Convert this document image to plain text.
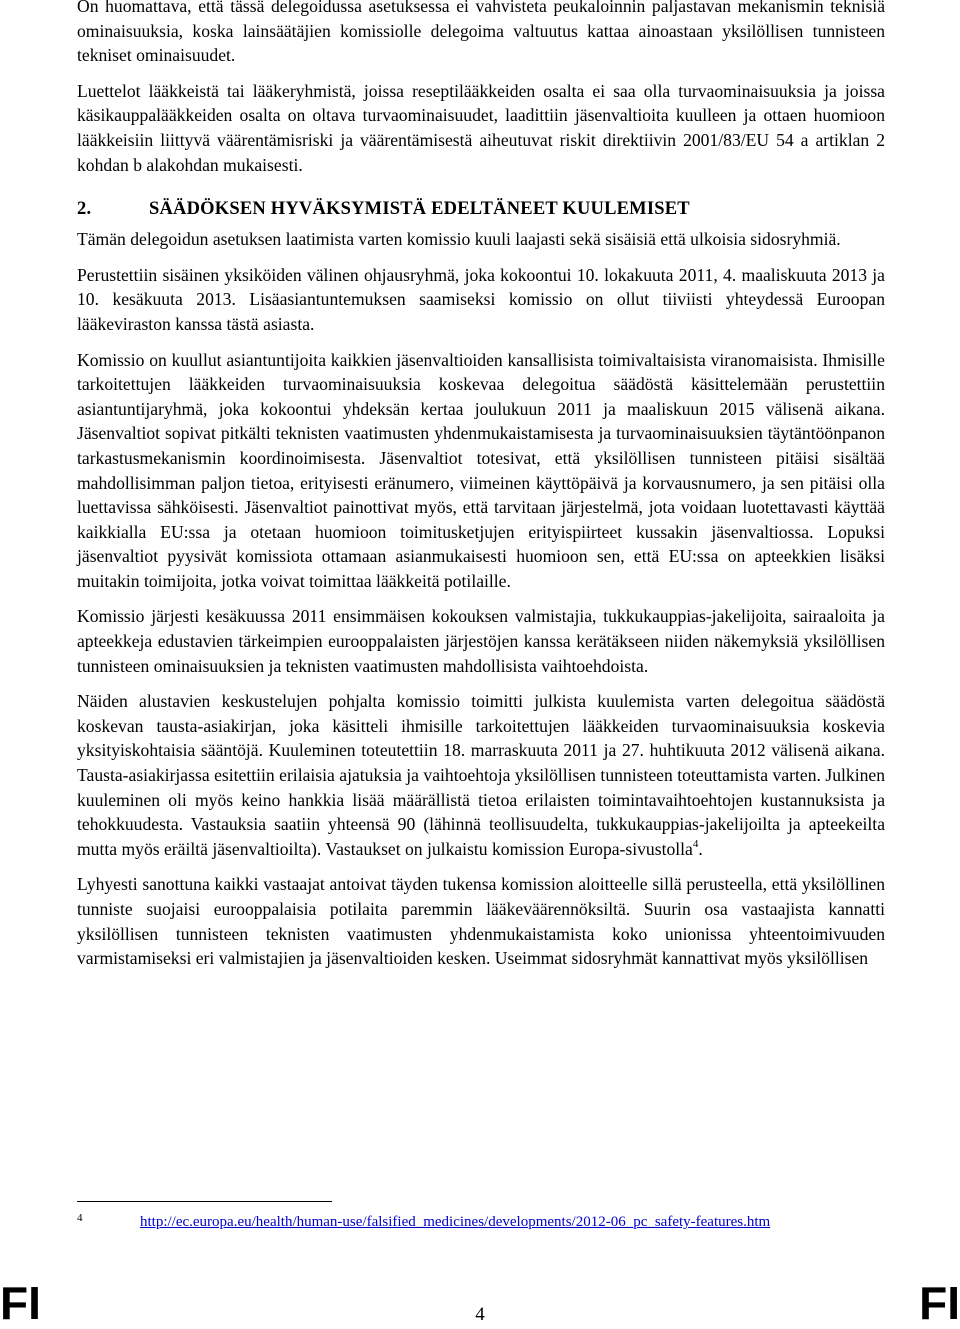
On huomattava, että tässä delegoidussa asetuksessa ei vahvisteta peukaloinnin paljastavan mekanismin teknisiä ominaisuuksia, koska lainsäätäjien komissiolle delegoima valtuutus kattaa ainoastaan yksilöllisen tunnisteen tekniset ominaisuudet.

Luettelot lääkkeistä tai lääkeryhmistä, joissa reseptilääkkeiden osalta ei saa olla turvaominaisuuksia ja joissa käsikauppalääkkeiden osalta on oltava turvaominaisuudet, laadittiin jäsenvaltioita kuulleen ja ottaen huomioon lääkkeisiin liittyvä väärentämisriski ja väärentämisestä aiheutuvat riskit direktiivin 2001/83/EU 54 a artiklan 2 kohdan b alakohdan mukaisesti.

2.	SÄÄDÖKSEN HYVÄKSYMISTÄ EDELTÄNEET KUULEMISET

Tämän delegoidun asetuksen laatimista varten komissio kuuli laajasti sekä sisäisiä että ulkoisia sidosryhmiä.

Perustettiin sisäinen yksiköiden välinen ohjausryhmä, joka kokoontui 10. lokakuuta 2011, 4. maaliskuuta 2013 ja 10. kesäkuuta 2013. Lisäasiantuntemuksen saamiseksi komissio on ollut tiiviisti yhteydessä Euroopan lääkeviraston kanssa tästä asiasta.

Komissio on kuullut asiantuntijoita kaikkien jäsenvaltioiden kansallisista toimivaltaisista viranomaisista. Ihmisille tarkoitettujen lääkkeiden turvaominaisuuksia koskevaa delegoitua säädöstä käsittelemään perustettiin asiantuntijaryhmä, joka kokoontui yhdeksän kertaa joulukuun 2011 ja maaliskuun 2015 välisenä aikana. Jäsenvaltiot sopivat pitkälti teknisten vaatimusten yhdenmukaistamisesta ja turvaominaisuuksien täytäntöönpanon tarkastusmekanismin koordinoimisesta. Jäsenvaltiot totesivat, että yksilöllisen tunnisteen pitäisi sisältää mahdollisimman paljon tietoa, erityisesti eränumero, viimeinen käyttöpäivä ja korvausnumero, ja sen pitäisi olla luettavissa sähköisesti. Jäsenvaltiot painottivat myös, että tarvitaan järjestelmä, jota voidaan luotettavasti käyttää kaikkialla EU:ssa ja otetaan huomioon toimitusketjujen erityispiirteet kussakin jäsenvaltiossa. Lopuksi jäsenvaltiot pyysivät komissiota ottamaan asianmukaisesti huomioon sen, että EU:ssa on apteekkien lisäksi muitakin toimijoita, jotka voivat toimittaa lääkkeitä potilaille.

Komissio järjesti kesäkuussa 2011 ensimmäisen kokouksen valmistajia, tukkukauppias-jakelijoita, sairaaloita ja apteekkeja edustavien tärkeimpien eurooppalaisten järjestöjen kanssa kerätäkseen niiden näkemyksiä yksilöllisen tunnisteen ominaisuuksien ja teknisten vaatimusten mahdollisista vaihtoehdoista.

Näiden alustavien keskustelujen pohjalta komissio toimitti julkista kuulemista varten delegoitua säädöstä koskevan tausta-asiakirjan, joka käsitteli ihmisille tarkoitettujen lääkkeiden turvaominaisuuksia koskevia yksityiskohtaisia sääntöjä. Kuuleminen toteutettiin 18. marraskuuta 2011 ja 27. huhtikuuta 2012 välisenä aikana. Tausta-asiakirjassa esitettiin erilaisia ajatuksia ja vaihtoehtoja yksilöllisen tunnisteen toteuttamista varten. Julkinen kuuleminen oli myös keino hankkia lisää määrällistä tietoa erilaisten toimintavaihtoehtojen kustannuksista ja tehokkuudesta. Vastauksia saatiin yhteensä 90 (lähinnä teollisuudelta, tukkukauppias-jakelijoilta ja apteekeilta mutta myös eräiltä jäsenvaltioilta). Vastaukset on julkaistu komission Europa-sivustolla$^4$.

Lyhyesti sanottuna kaikki vastaajat antoivat täyden tukensa komission aloitteelle sillä perusteella, että yksilöllinen tunniste suojaisi eurooppalaisia potilaita paremmin lääkeväärennöksiltä. Suurin osa vastaajista kannatti yksilöllisen tunnisteen teknisten vaatimusten yhdenmukaistamista koko unionissa yhteentoimivuuden varmistamiseksi eri valmistajien ja jäsenvaltioiden kesken. Useimmat sidosryhmät kannattivat myös yksilöllisen

4	http://ec.europa.eu/health/human-use/falsified_medicines/developments/2012-06_pc_safety-features.htm
FI	4	FI
